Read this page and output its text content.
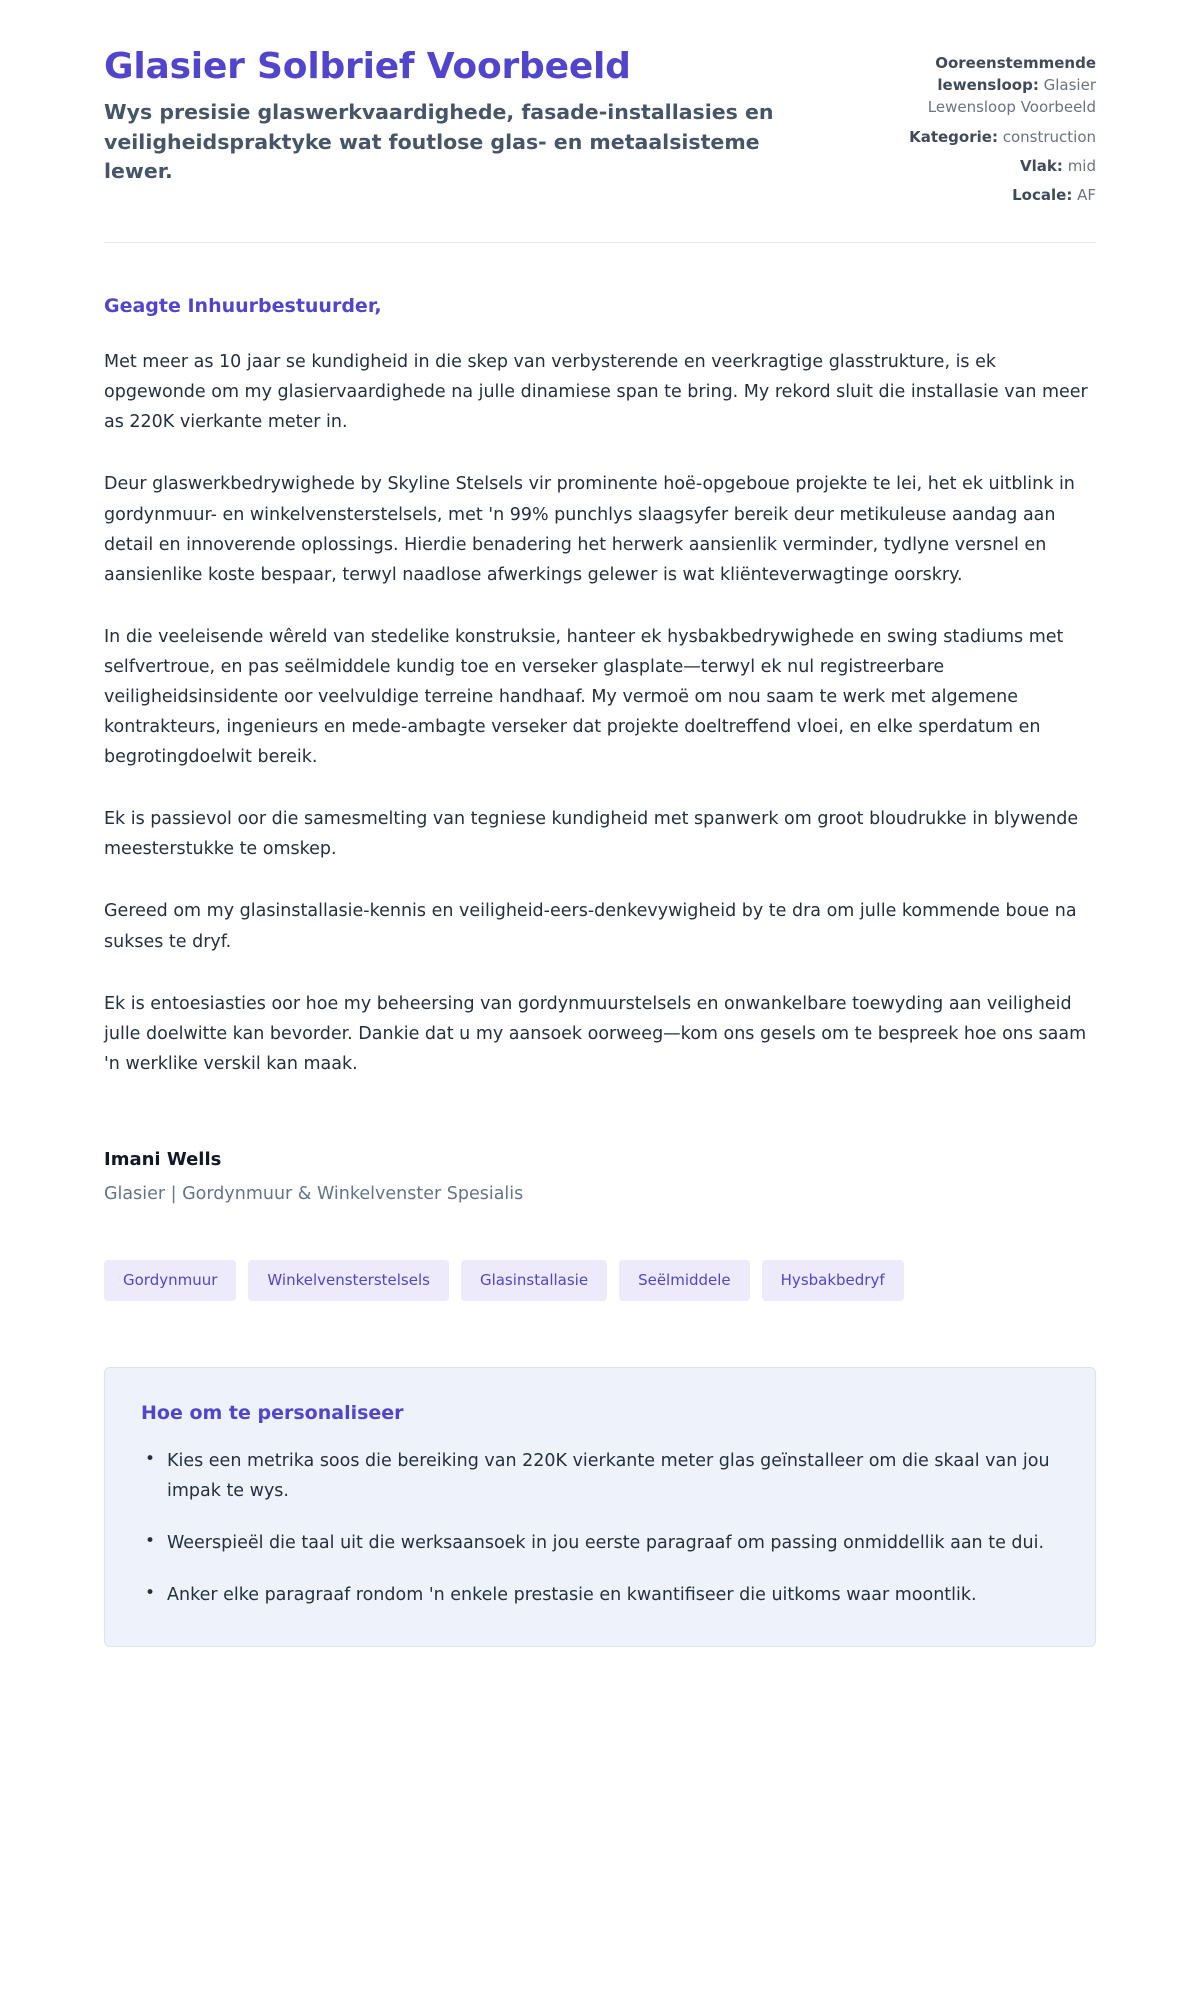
Glasier Solbrief Voorbeeld

Wys presisie glaswerkvaardighede, fasade-installasies en veiligheidspraktyke wat foutlose glas- en metaalsisteme lewer.

Ooreenstemmende lewensloop: Glasier Lewensloop Voorbeeld
Kategorie: construction
Vlak: mid
Locale: AF
Geagte Inhuurbestuurder,

Met meer as 10 jaar se kundigheid in die skep van verbysterende en veerkragtige glasstrukture, is ek opgewonde om my glasiervaardighede na julle dinamiese span te bring. My rekord sluit die installasie van meer as 220K vierkante meter in.

Deur glaswerkbedrywighede by Skyline Stelsels vir prominente hoë-opgeboue projekte te lei, het ek uitblink in gordynmuur- en winkelvensterstelsels, met 'n 99% punchlys slaagsyfer bereik deur metikuleuse aandag aan detail en innoverende oplossings. Hierdie benadering het herwerk aansienlik verminder, tydlyne versnel en aansienlike koste bespaar, terwyl naadlose afwerkings gelewer is wat kliënteverwagtinge oorskry.

In die veeleisende wêreld van stedelike konstruksie, hanteer ek hysbakbedrywighede en swing stadiums met selfvertroue, en pas seëlmiddele kundig toe en verseker glasplate—terwyl ek nul registreerbare veiligheidsinsidente oor veelvuldige terreine handhaaf. My vermoë om nou saam te werk met algemene kontrakteurs, ingenieurs en mede-ambagte verseker dat projekte doeltreffend vloei, en elke sperdatum en begrotingdoelwit bereik.

Ek is passievol oor die samesmelting van tegniese kundigheid met spanwerk om groot bloudrukke in blywende meesterstukke te omskep.

Gereed om my glasinstallasie-kennis en veiligheid-eers-denkevywigheid by te dra om julle kommende boue na sukses te dryf.

Ek is entoesiasties oor hoe my beheersing van gordynmuurstelsels en onwankelbare toewyding aan veiligheid julle doelwitte kan bevorder. Dankie dat u my aansoek oorweeg—kom ons gesels om te bespreek hoe ons saam 'n werklike verskil kan maak.

Imani Wells
Glasier | Gordynmuur & Winkelvenster Spesialis
Gordynmuur	Winkelvensterstelsels	Glasinstallasie	Seëlmiddele	Hysbakbedryf
Hoe om te personaliseer
• Kies een metrika soos die bereiking van 220K vierkante meter glas geïnstalleer om die skaal van jou impak te wys.
• Weerspieël die taal uit die werksaansoek in jou eerste paragraaf om passing onmiddellik aan te dui.
• Anker elke paragraaf rondom 'n enkele prestasie en kwantifiseer die uitkoms waar moontlik.
